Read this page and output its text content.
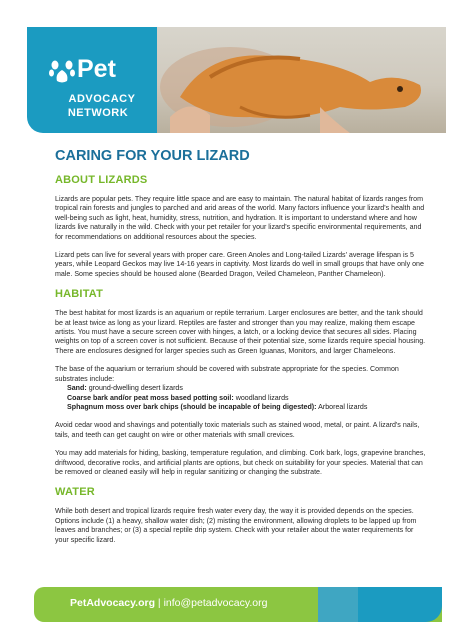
Pet
ADVOCACY
NETWORK
CARING FOR YOUR LIZARD
ABOUT LIZARDS

Lizards are popular pets. They require little space and are easy to maintain. The natural habitat of lizards ranges from tropical rain forests and jungles to parched and arid areas of the world. Many factors influence your lizard's health and well-being such as light, heat, humidity, stress, nutrition, and hydration. It is important to understand where and how lizards live naturally in the wild. Check with your pet retailer for your lizard's specific environmental requirements, and for recommendations on additional resources about the species.

Lizard pets can live for several years with proper care. Green Anoles and Long-tailed Lizards' average lifespan is 5 years, while Leopard Geckos may live 14-16 years in captivity. Most lizards do well in small groups that have only one male. Some species should be housed alone (Bearded Dragon, Veiled Chameleon, Panther Chameleon).

HABITAT

The best habitat for most lizards is an aquarium or reptile terrarium. Larger enclosures are better, and the tank should be at least twice as long as your lizard. Reptiles are faster and stronger than you may realize, making them escape artists. You must have a secure screen cover with hinges, a latch, or a locking device that secures all sides. Placing weights on top of a screen cover is not sufficient. Because of their potential size, some lizards require special housing. There are enclosures designed for larger species such as Green Iguanas, Monitors, and larger Chameleons.

The base of the aquarium or terrarium should be covered with substrate appropriate for the species. Common substrates include:

Sand: ground-dwelling desert lizards
Coarse bark and/or peat moss based potting soil: woodland lizards
Sphagnum moss over bark chips (should be incapable of being digested): Arboreal lizards

Avoid cedar wood and shavings and potentially toxic materials such as stained wood, metal, or paint. A lizard's nails, tails, and teeth can get caught on wire or other materials with small crevices.

You may add materials for hiding, basking, temperature regulation, and climbing. Cork bark, logs, grapevine branches, driftwood, decorative rocks, and artificial plants are options, but check on suitability for your species. Material that can be removed or cleaned easily will help in regular sanitizing or changing the substrate.

WATER

While both desert and tropical lizards require fresh water every day, the way it is provided depends on the species. Options include (1) a heavy, shallow water dish; (2) misting the environment, allowing droplets to be lapped up from leaves and branches; or (3) a special reptile drip system. Check with your retailer about the water requirements for your specific lizard.

PetAdvocacy.org | info@petadvocacy.org
